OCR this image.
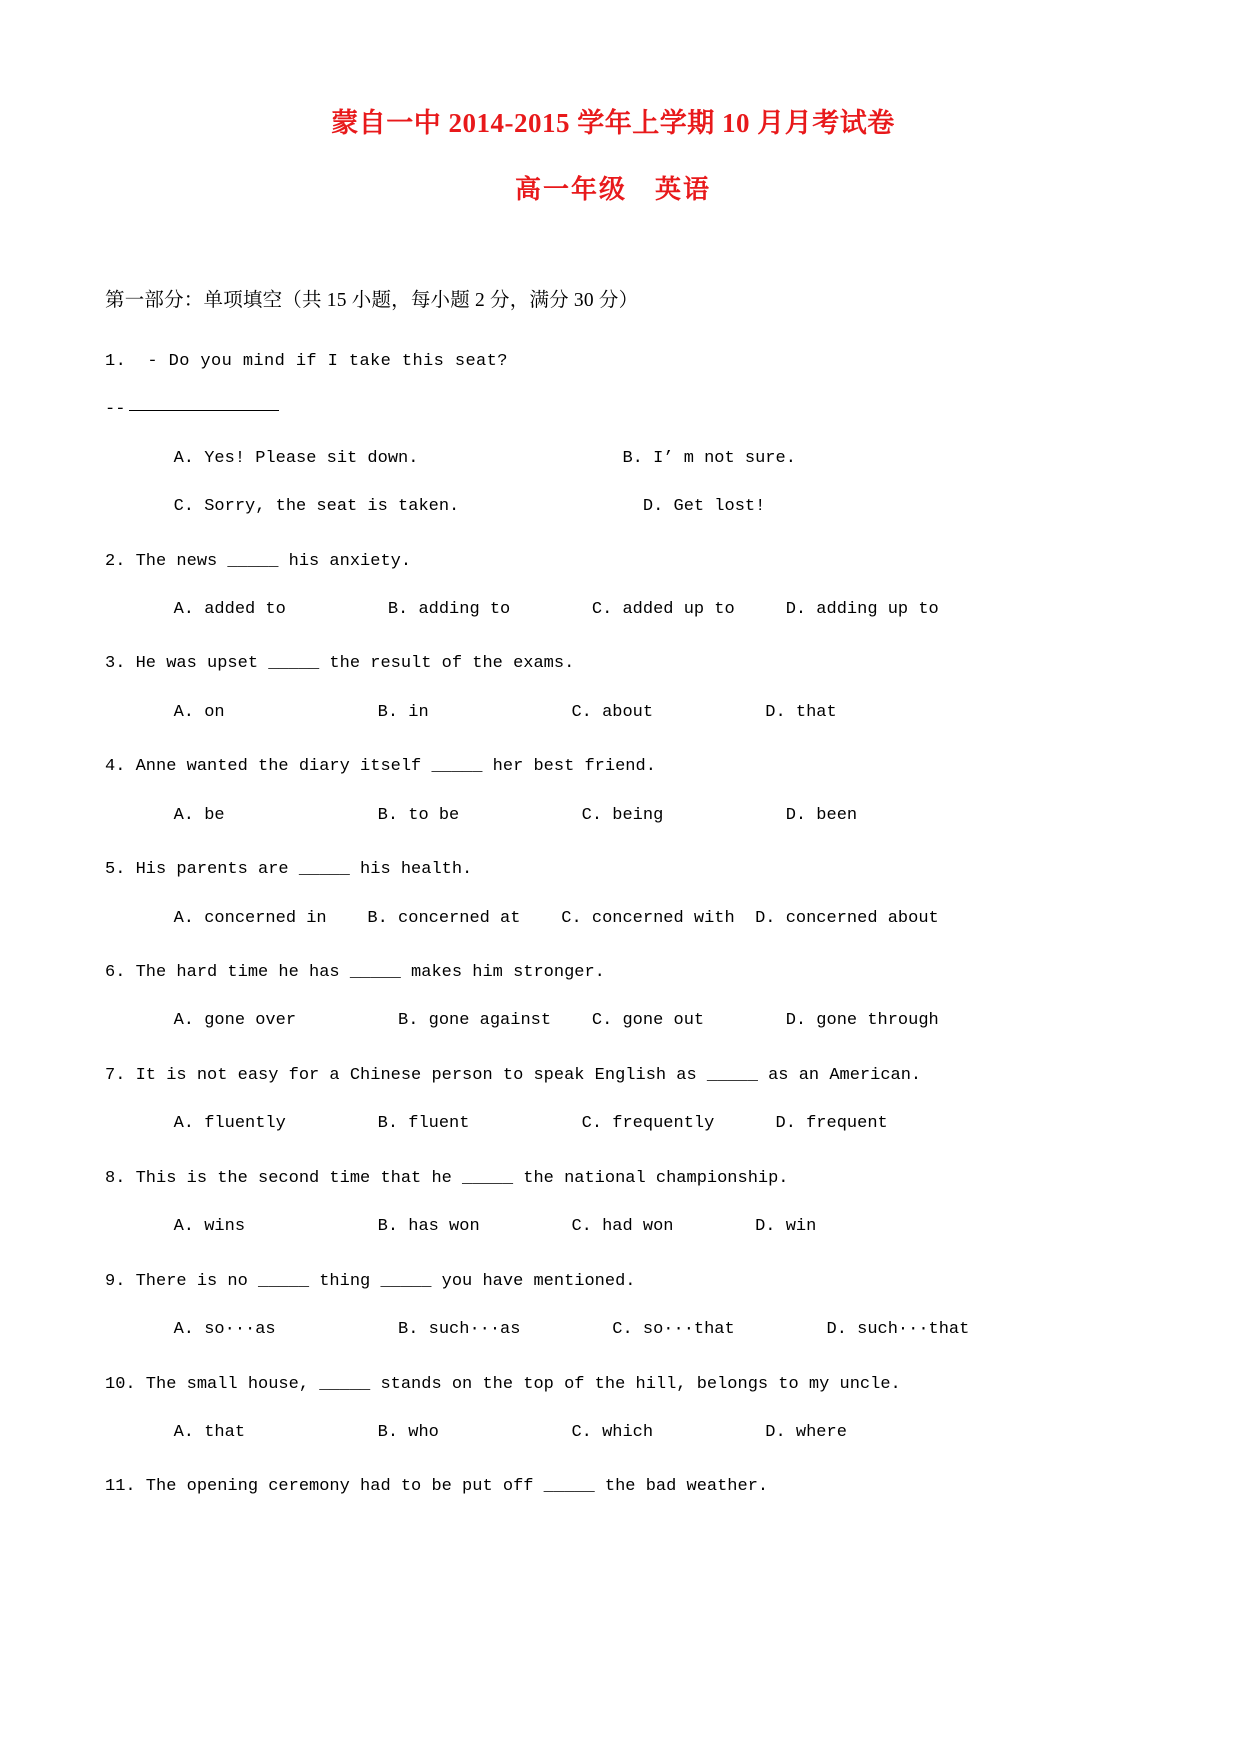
蒙自一中 2014-2015 学年上学期 10 月月考试卷
高一年级　英语
第一部分：单项填空（共 15 小题，每小题 2 分，满分 30 分）
1.  - Do you mind if I take this seat?
--
A. Yes! Please sit down.                    B. I’ m not sure.
C. Sorry, the seat is taken.                  D. Get lost!
2. The news _____ his anxiety.
A. added to          B. adding to        C. added up to     D. adding up to
3. He was upset _____ the result of the exams.
A. on               B. in              C. about           D. that
4. Anne wanted the diary itself _____ her best friend.
A. be               B. to be            C. being            D. been
5. His parents are _____ his health.
A. concerned in    B. concerned at    C. concerned with  D. concerned about
6. The hard time he has _____ makes him stronger.
A. gone over          B. gone against    C. gone out        D. gone through
7. It is not easy for a Chinese person to speak English as _____ as an American.
A. fluently         B. fluent           C. frequently      D. frequent
8. This is the second time that he _____ the national championship.
A. wins             B. has won         C. had won        D. win
9. There is no _____ thing _____ you have mentioned.
A. so···as            B. such···as         C. so···that         D. such···that
10. The small house, _____ stands on the top of the hill, belongs to my uncle.
A. that             B. who             C. which           D. where
11. The opening ceremony had to be put off _____ the bad weather.
